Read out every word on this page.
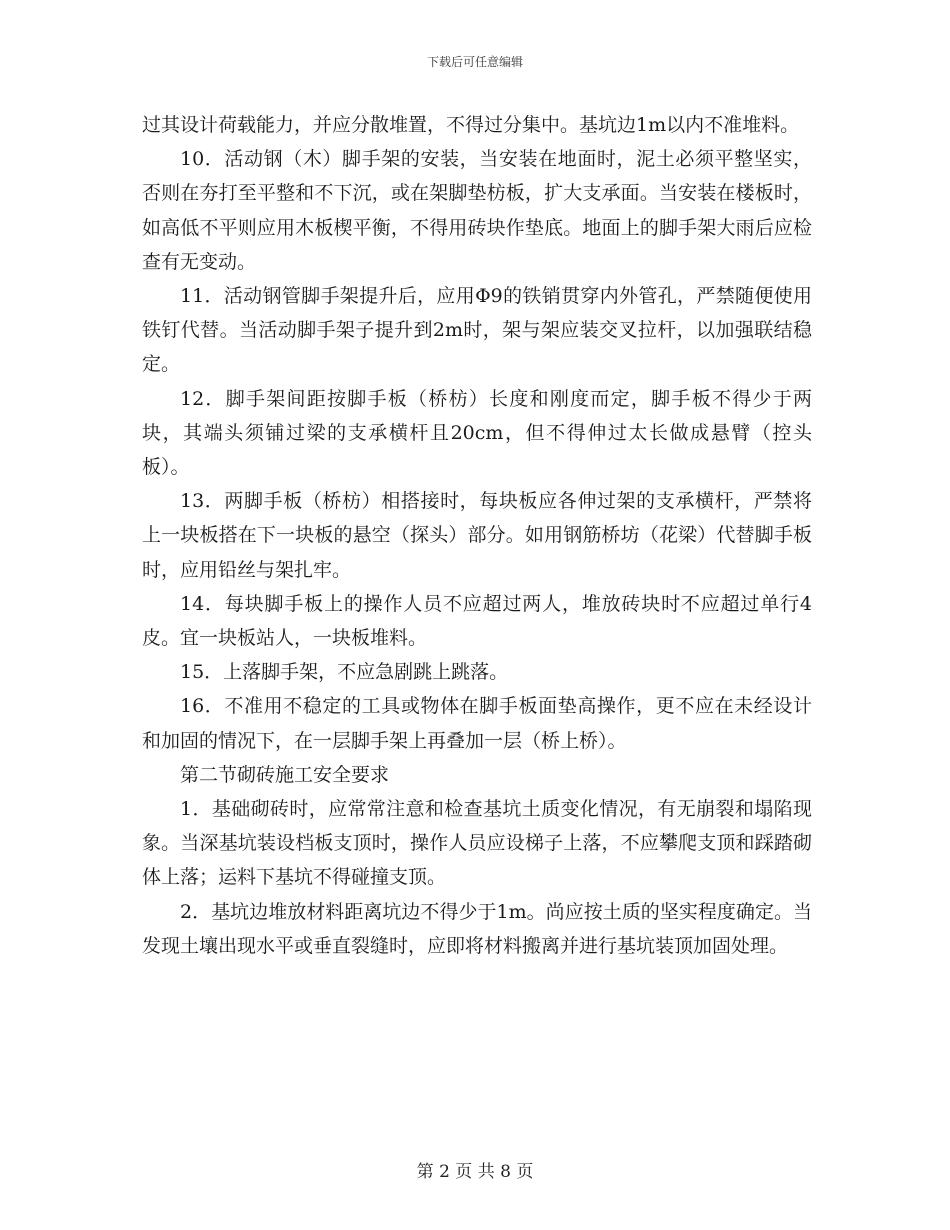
下载后可任意编辑

过其设计荷载能力，并应分散堆置，不得过分集中。基坑边1m以内不准堆料。

10．活动钢（木）脚手架的安装，当安装在地面时，泥土必须平整坚实，否则在夯打至平整和不下沉，或在架脚垫枋板，扩大支承面。当安装在楼板时，如高低不平则应用木板楔平衡，不得用砖块作垫底。地面上的脚手架大雨后应检查有无变动。

11．活动钢管脚手架提升后，应用Φ9的铁销贯穿内外管孔，严禁随便使用铁钉代替。当活动脚手架子提升到2m时，架与架应装交叉拉杆，以加强联结稳定。

12．脚手架间距按脚手板（桥枋）长度和刚度而定，脚手板不得少于两块，其端头须铺过梁的支承横杆且20cm，但不得伸过太长做成悬臂（控头板）。

13．两脚手板（桥枋）相搭接时，每块板应各伸过架的支承横杆，严禁将上一块板搭在下一块板的悬空（探头）部分。如用钢筋桥坊（花梁）代替脚手板时，应用铅丝与架扎牢。

14．每块脚手板上的操作人员不应超过两人，堆放砖块时不应超过单行4皮。宜一块板站人，一块板堆料。

15．上落脚手架，不应急剧跳上跳落。

16．不准用不稳定的工具或物体在脚手板面垫高操作，更不应在未经设计和加固的情况下，在一层脚手架上再叠加一层（桥上桥）。

第二节砌砖施工安全要求

1．基础砌砖时，应常常注意和检查基坑土质变化情况，有无崩裂和塌陷现象。当深基坑装设档板支顶时，操作人员应设梯子上落，不应攀爬支顶和踩踏砌体上落；运料下基坑不得碰撞支顶。

2．基坑边堆放材料距离坑边不得少于1m。尚应按土质的坚实程度确定。当发现土壤出现水平或垂直裂缝时，应即将材料搬离并进行基坑装顶加固处理。

第 2 页 共 8 页
